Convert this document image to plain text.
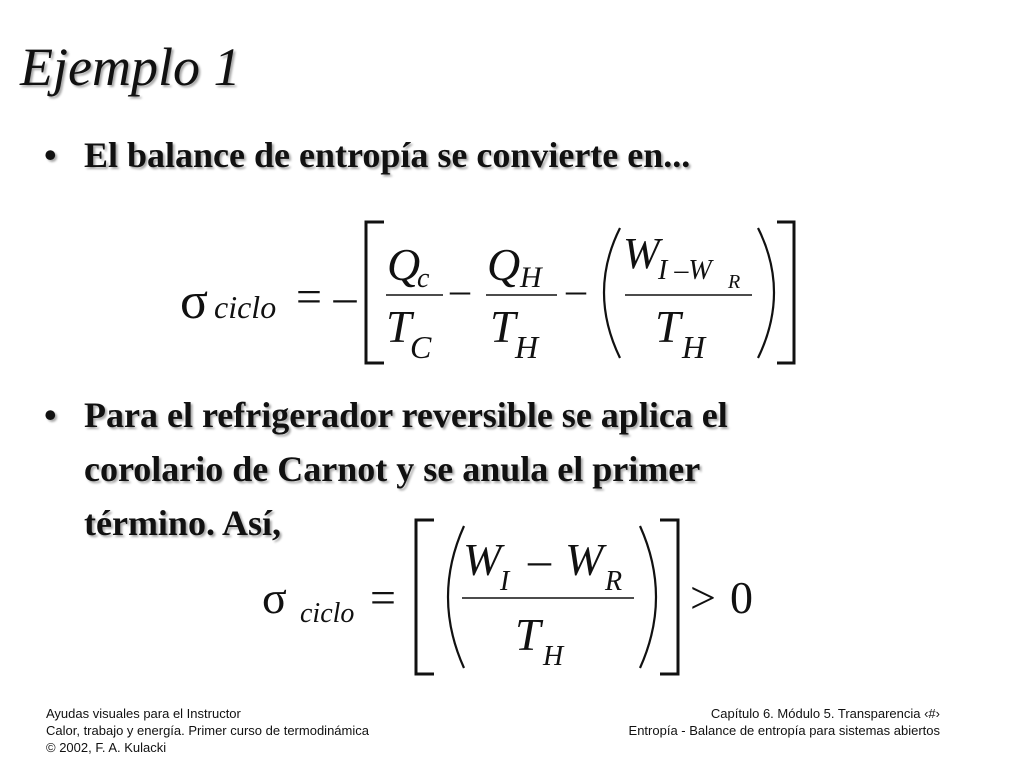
Ejemplo 1
• El balance de entropía se convierte en...
σ ciclo = –
Q
c
T
C
– Q H
T H
–
W
I –W R
T H
σ ciclo =
W
I – W R
T H
> 0
• Para el refrigerador reversible se aplica el
corolario de Carnot y se anula el primer
término. Así,
Ayudas visuales para el Instructor
Calor, trabajo y energía. Primer curso de termodinámica
© 2002, F. A. Kulacki
Capítulo 6. Módulo 5. Transparencia ‹#›
Entropía - Balance de entropía para sistemas abiertos
